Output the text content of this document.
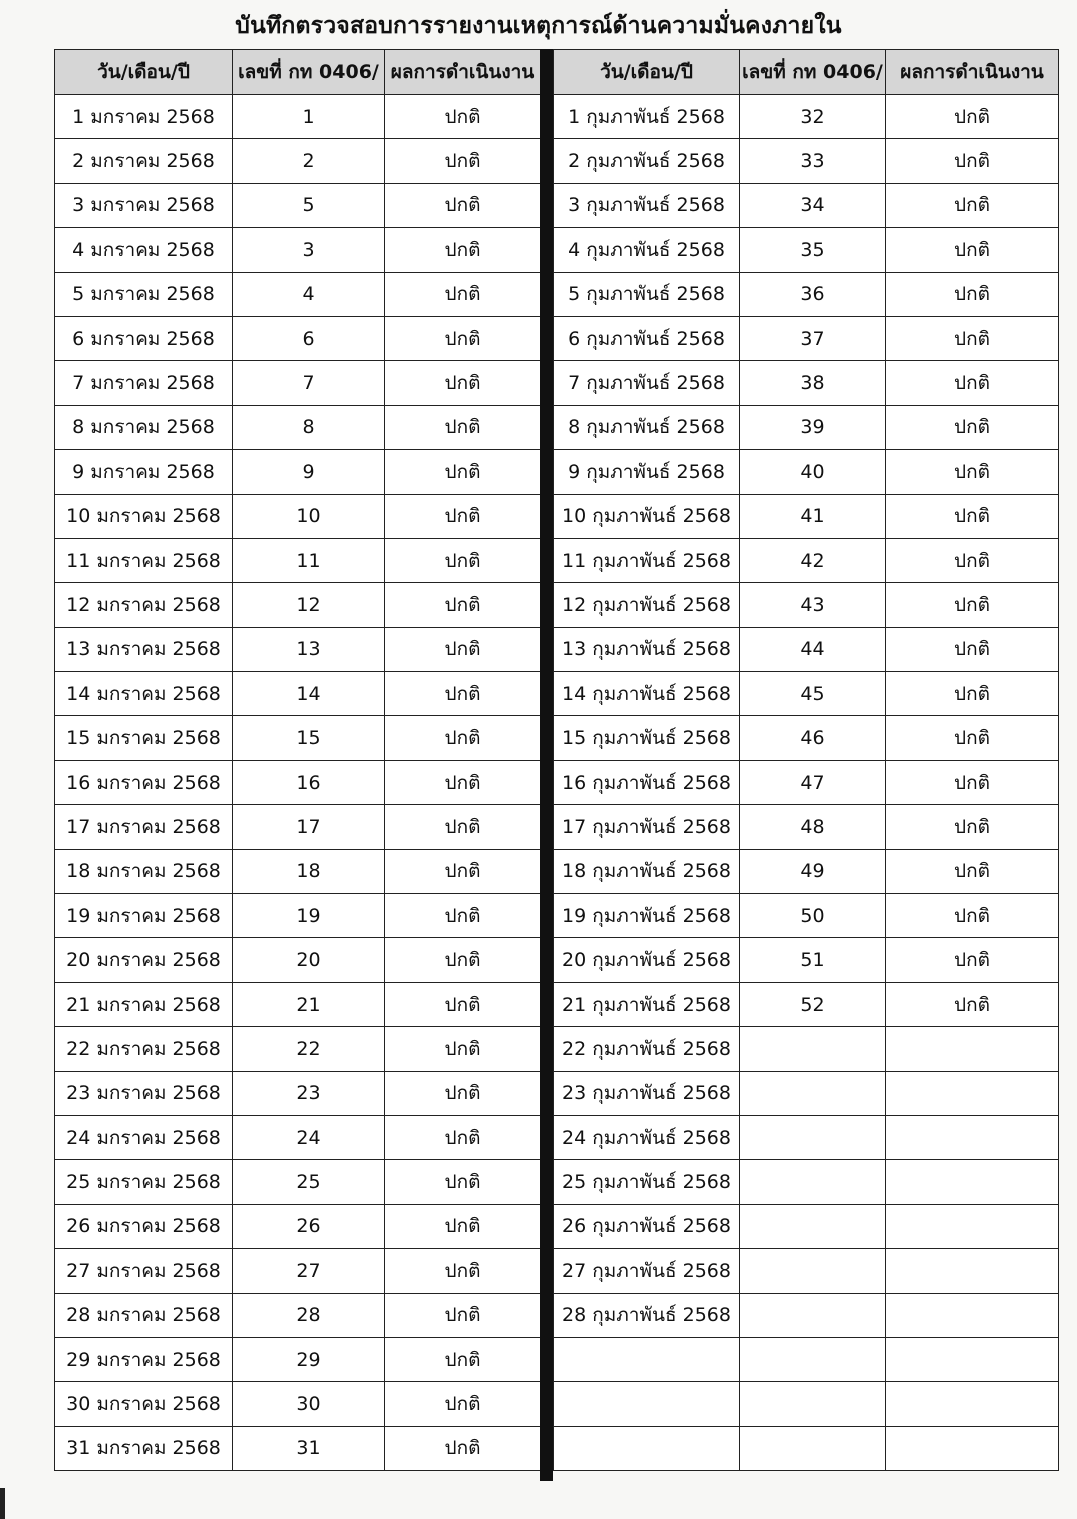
บันทึกตรวจสอบการรายงานเหตุการณ์ด้านความมั่นคงภายใน
วัน/เดือน/ปี	เลขที่ กท 0406/	ผลการดำเนินงาน
1 มกราคม 2568	1	ปกติ
2 มกราคม 2568	2	ปกติ
3 มกราคม 2568	5	ปกติ
4 มกราคม 2568	3	ปกติ
5 มกราคม 2568	4	ปกติ
6 มกราคม 2568	6	ปกติ
7 มกราคม 2568	7	ปกติ
8 มกราคม 2568	8	ปกติ
9 มกราคม 2568	9	ปกติ
10 มกราคม 2568	10	ปกติ
11 มกราคม 2568	11	ปกติ
12 มกราคม 2568	12	ปกติ
13 มกราคม 2568	13	ปกติ
14 มกราคม 2568	14	ปกติ
15 มกราคม 2568	15	ปกติ
16 มกราคม 2568	16	ปกติ
17 มกราคม 2568	17	ปกติ
18 มกราคม 2568	18	ปกติ
19 มกราคม 2568	19	ปกติ
20 มกราคม 2568	20	ปกติ
21 มกราคม 2568	21	ปกติ
22 มกราคม 2568	22	ปกติ
23 มกราคม 2568	23	ปกติ
24 มกราคม 2568	24	ปกติ
25 มกราคม 2568	25	ปกติ
26 มกราคม 2568	26	ปกติ
27 มกราคม 2568	27	ปกติ
28 มกราคม 2568	28	ปกติ
29 มกราคม 2568	29	ปกติ
30 มกราคม 2568	30	ปกติ
31 มกราคม 2568	31	ปกติ
วัน/เดือน/ปี	เลขที่ กท 0406/	ผลการดำเนินงาน
1 กุมภาพันธ์ 2568	32	ปกติ
2 กุมภาพันธ์ 2568	33	ปกติ
3 กุมภาพันธ์ 2568	34	ปกติ
4 กุมภาพันธ์ 2568	35	ปกติ
5 กุมภาพันธ์ 2568	36	ปกติ
6 กุมภาพันธ์ 2568	37	ปกติ
7 กุมภาพันธ์ 2568	38	ปกติ
8 กุมภาพันธ์ 2568	39	ปกติ
9 กุมภาพันธ์ 2568	40	ปกติ
10 กุมภาพันธ์ 2568	41	ปกติ
11 กุมภาพันธ์ 2568	42	ปกติ
12 กุมภาพันธ์ 2568	43	ปกติ
13 กุมภาพันธ์ 2568	44	ปกติ
14 กุมภาพันธ์ 2568	45	ปกติ
15 กุมภาพันธ์ 2568	46	ปกติ
16 กุมภาพันธ์ 2568	47	ปกติ
17 กุมภาพันธ์ 2568	48	ปกติ
18 กุมภาพันธ์ 2568	49	ปกติ
19 กุมภาพันธ์ 2568	50	ปกติ
20 กุมภาพันธ์ 2568	51	ปกติ
21 กุมภาพันธ์ 2568	52	ปกติ
22 กุมภาพันธ์ 2568		
23 กุมภาพันธ์ 2568		
24 กุมภาพันธ์ 2568		
25 กุมภาพันธ์ 2568		
26 กุมภาพันธ์ 2568		
27 กุมภาพันธ์ 2568		
28 กุมภาพันธ์ 2568		
